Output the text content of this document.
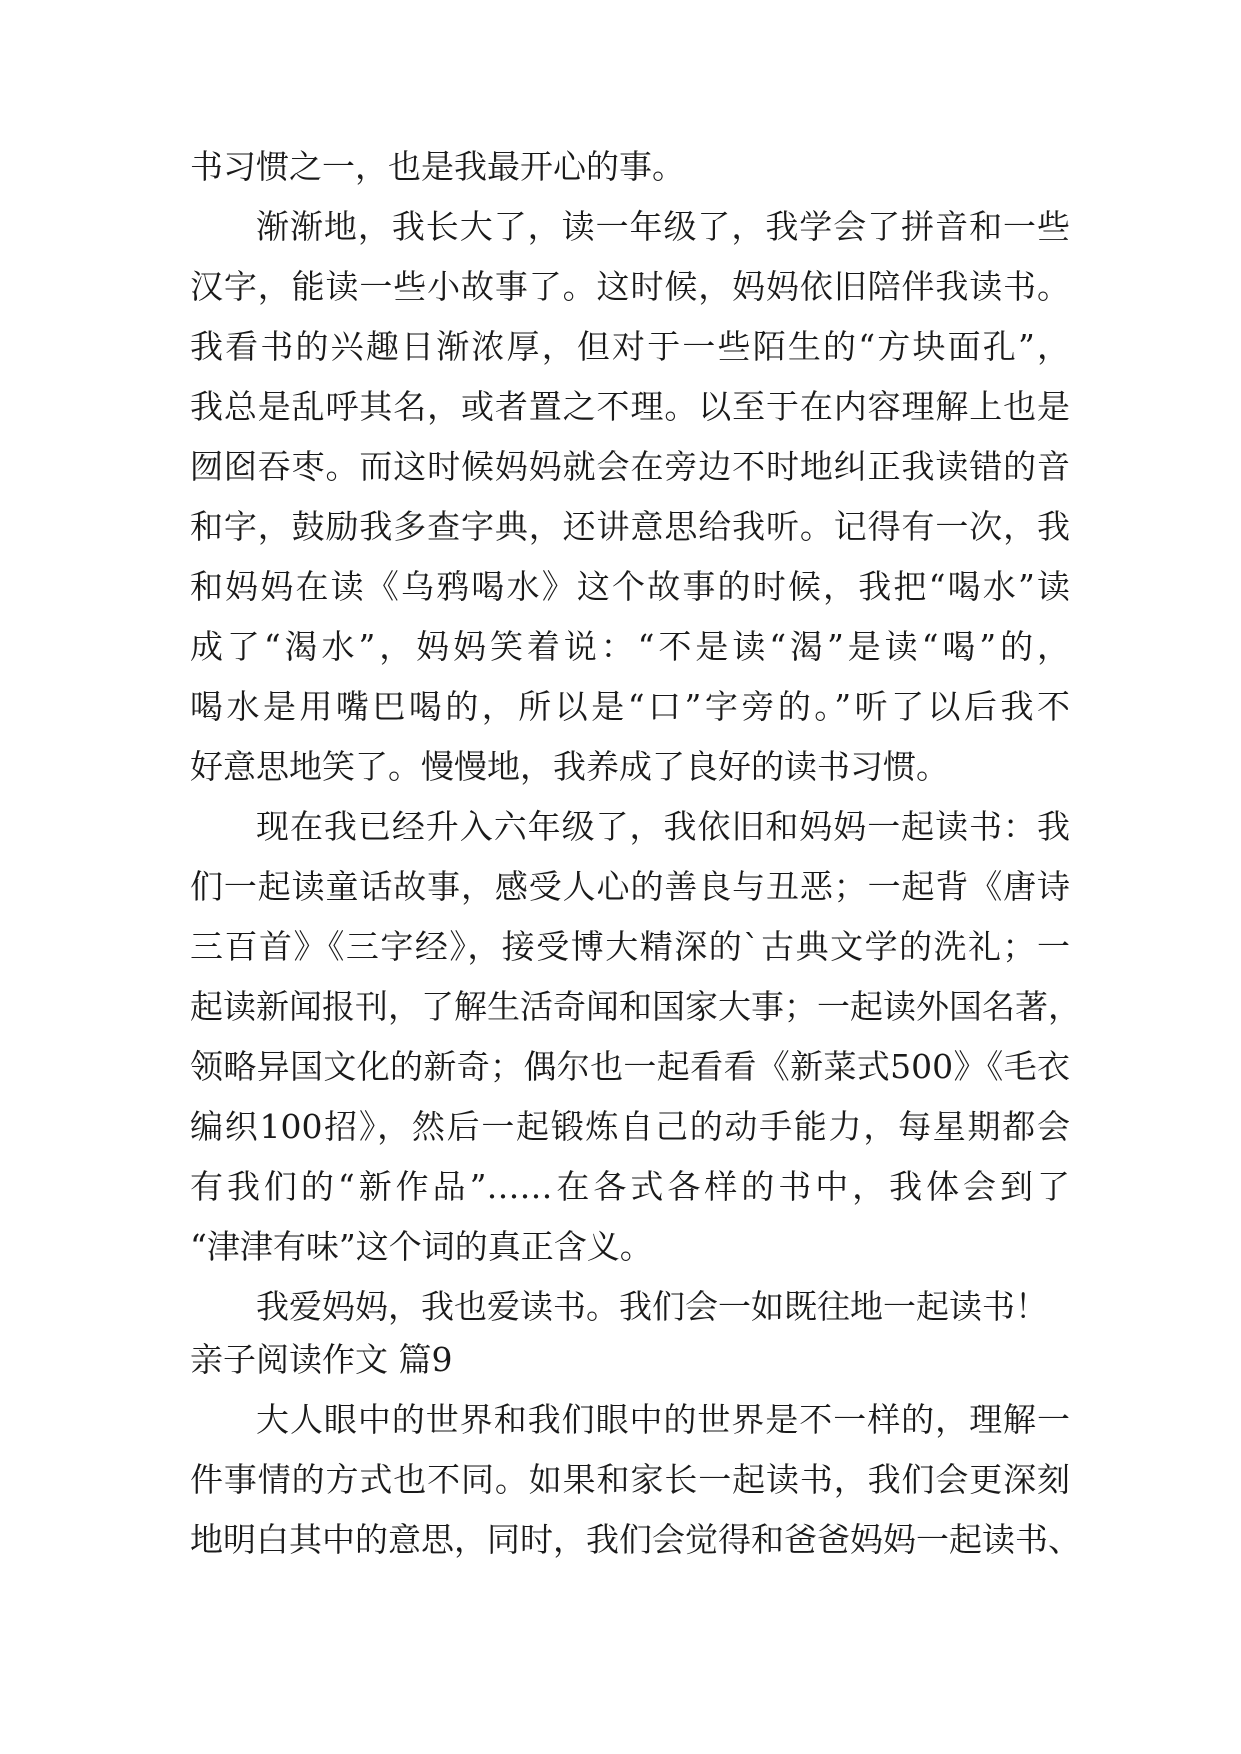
书习惯之一，也是我最开心的事。
渐渐地，我长大了，读一年级了，我学会了拼音和一些
汉字，能读一些小故事了。这时候，妈妈依旧陪伴我读书。
我看书的兴趣日渐浓厚，但对于一些陌生的“方块面孔”，
我总是乱呼其名，或者置之不理。以至于在内容理解上也是
囫囵吞枣。而这时候妈妈就会在旁边不时地纠正我读错的音
和字，鼓励我多查字典，还讲意思给我听。记得有一次，我
和妈妈在读《乌鸦喝水》这个故事的时候，我把“喝水”读
成了“渴水”，妈妈笑着说：“不是读“渴”是读“喝”的，
喝水是用嘴巴喝的，所以是“口”字旁的。”听了以后我不
好意思地笑了。慢慢地，我养成了良好的读书习惯。
现在我已经升入六年级了，我依旧和妈妈一起读书：我
们一起读童话故事，感受人心的善良与丑恶；一起背《唐诗
三百首》《三字经》，接受博大精深的`古典文学的洗礼；一
起读新闻报刊，了解生活奇闻和国家大事；一起读外国名著，
领略异国文化的新奇；偶尔也一起看看《新菜式500》《毛衣
编织100招》，然后一起锻炼自己的动手能力，每星期都会
有我们的“新作品”……在各式各样的书中，我体会到了
“津津有味”这个词的真正含义。
我爱妈妈，我也爱读书。我们会一如既往地一起读书！
亲子阅读作文 篇9
大人眼中的世界和我们眼中的世界是不一样的，理解一
件事情的方式也不同。如果和家长一起读书，我们会更深刻
地明白其中的意思，同时，我们会觉得和爸爸妈妈一起读书、
